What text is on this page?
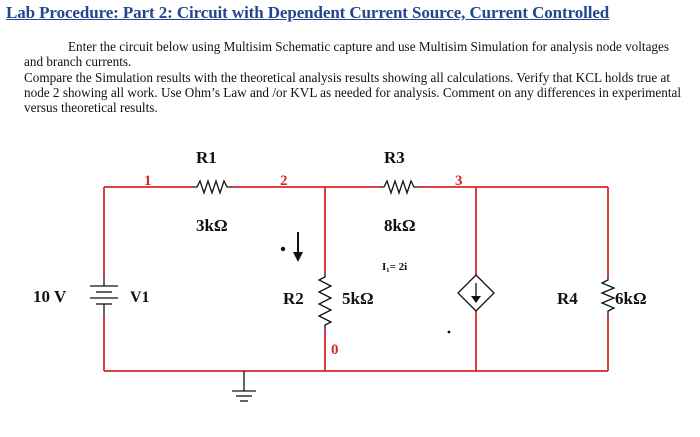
Lab Procedure: Part 2: Circuit with Dependent Current Source, Current Controlled

Enter the circuit below using Multisim Schematic capture and use Multisim Simulation for analysis node voltages and branch currents.

Compare the Simulation results with the theoretical analysis results showing all calculations. Verify that KCL holds true at node 2 showing all work. Use Ohm’s Law and /or KVL as needed for analysis. Comment on any differences in experimental versus theoretical results.

R1
3kΩ
R3
8kΩ
R2 5kΩ	R4 6kΩ
10 V	V1
I₁= 2i
1	2	3
0
